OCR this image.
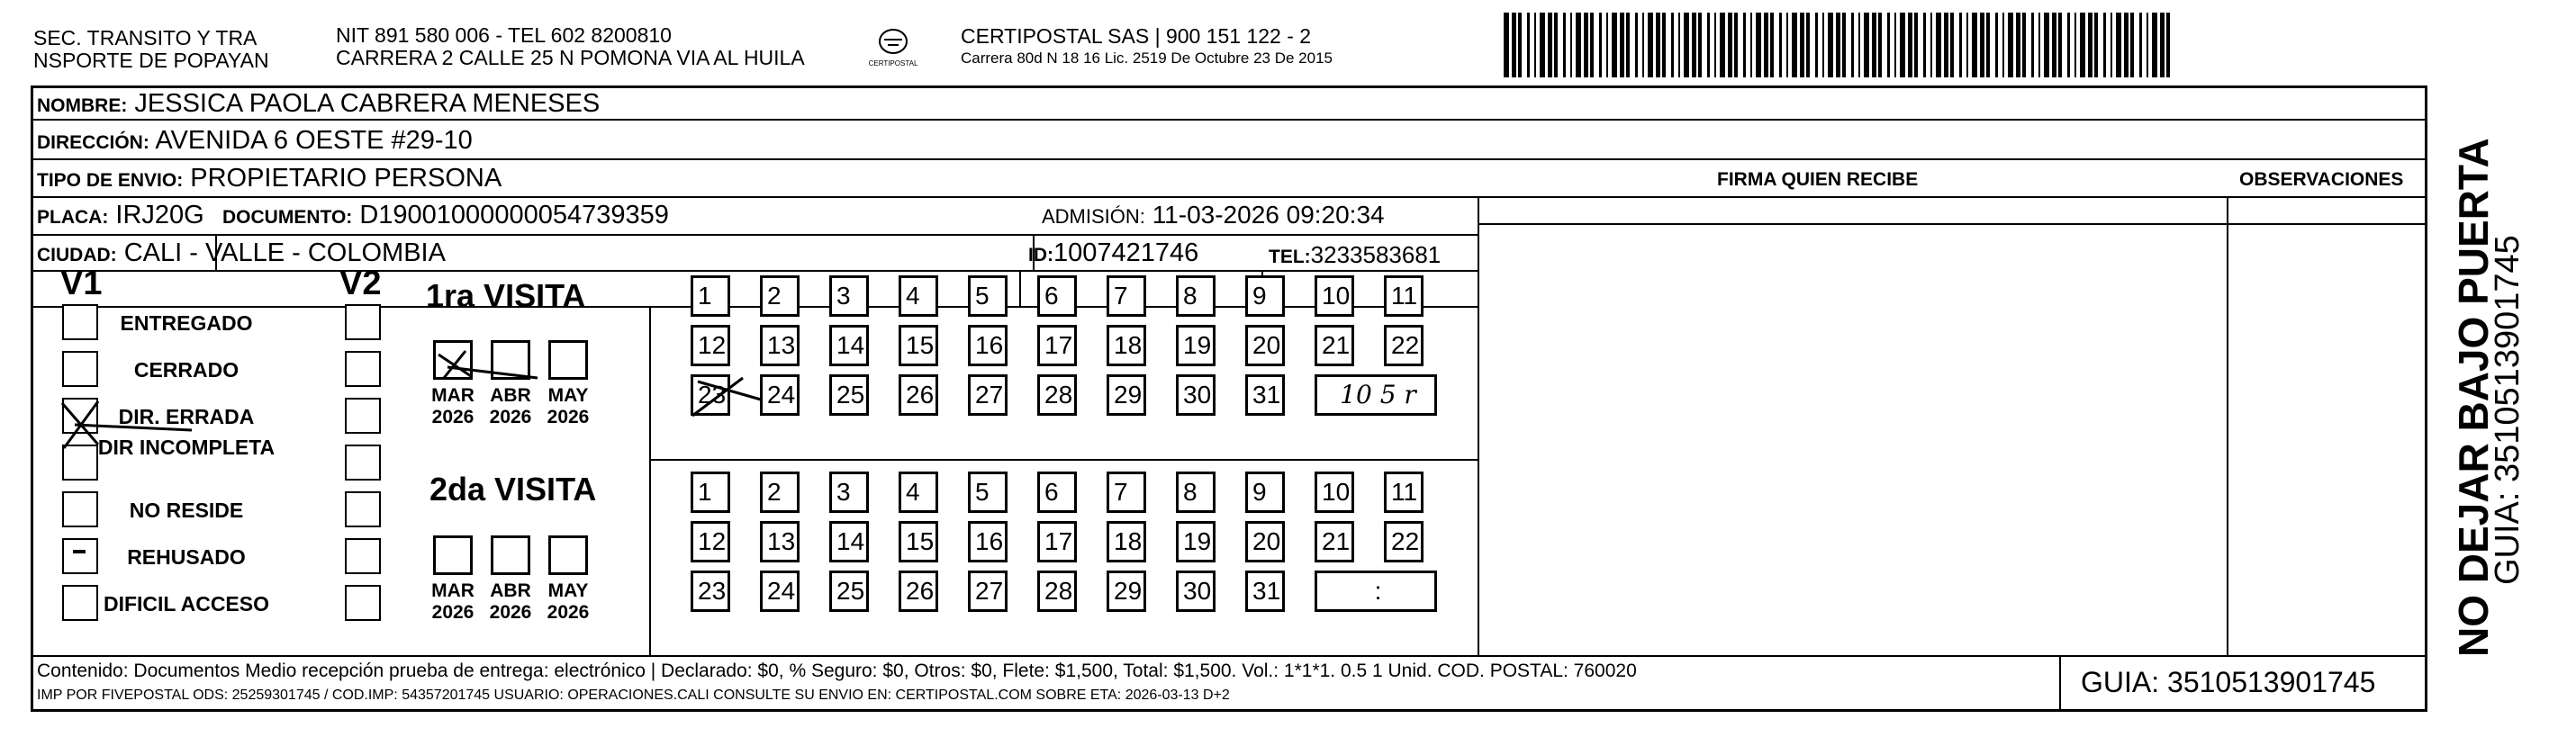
SEC. TRANSITO Y TRA
NSPORTE DE POPAYAN
NIT 891 580 006 - TEL 602 8200810
CARRERA 2 CALLE 25 N POMONA VIA AL HUILA	CERTIPOSTAL
CERTIPOSTAL SAS | 900 151 122 - 2
Carrera 80d N 18 16 Lic. 2519 De Octubre 23 De 2015
NOMBRE: JESSICA PAOLA CABRERA MENESES
DIRECCIÓN: AVENIDA 6 OESTE #29-10
TIPO DE ENVIO: PROPIETARIO PERSONA	FIRMA QUIEN RECIBE	OBSERVACIONES
PLACA: IRJ20G DOCUMENTO: D19001000000054739359	ADMISIÓN: 11-03-2026 09:20:34
CIUDAD: CALI - VALLE - COLOMBIA	ID:1007421746	TEL:3233583681
V1	V2
ENTREGADO
CERRADO
DIR. ERRADA
DIR INCOMPLETA
NO RESIDE
REHUSADO
DIFICIL ACCESO
1ra VISITA
2da VISITA
1	2	3	4	5	6	7	8	9	10 11
12 13 14 15 16 17 18 19 20 21 22
23 24 25 26 27 28 29 30 31	10 5 r
1	2	3	4	5	6	7	8	9	10 11
12 13 14 15 16 17 18 19 20 21 22
23 24 25 26 27 28 29 30 31	:
MAR
2026
ABR
2026
MAY
2026
MAR
2026
ABR
2026
MAY
2026
Contenido: Documentos Medio recepción prueba de entrega: electrónico | Declarado: $0, % Seguro: $0, Otros: $0, Flete: $1,500, Total: $1,500. Vol.: 1*1*1. 0.5 1 Unid. COD. POSTAL: 760020
IMP POR FIVEPOSTAL ODS: 25259301745 / COD.IMP: 54357201745 USUARIO: OPERACIONES.CALI CONSULTE SU ENVIO EN: CERTIPOSTAL.COM SOBRE ETA: 2026-03-13 D+2	GUIA: 3510513901745
NO DEJAR BAJO PUERTA
GUIA: 3510513901745
